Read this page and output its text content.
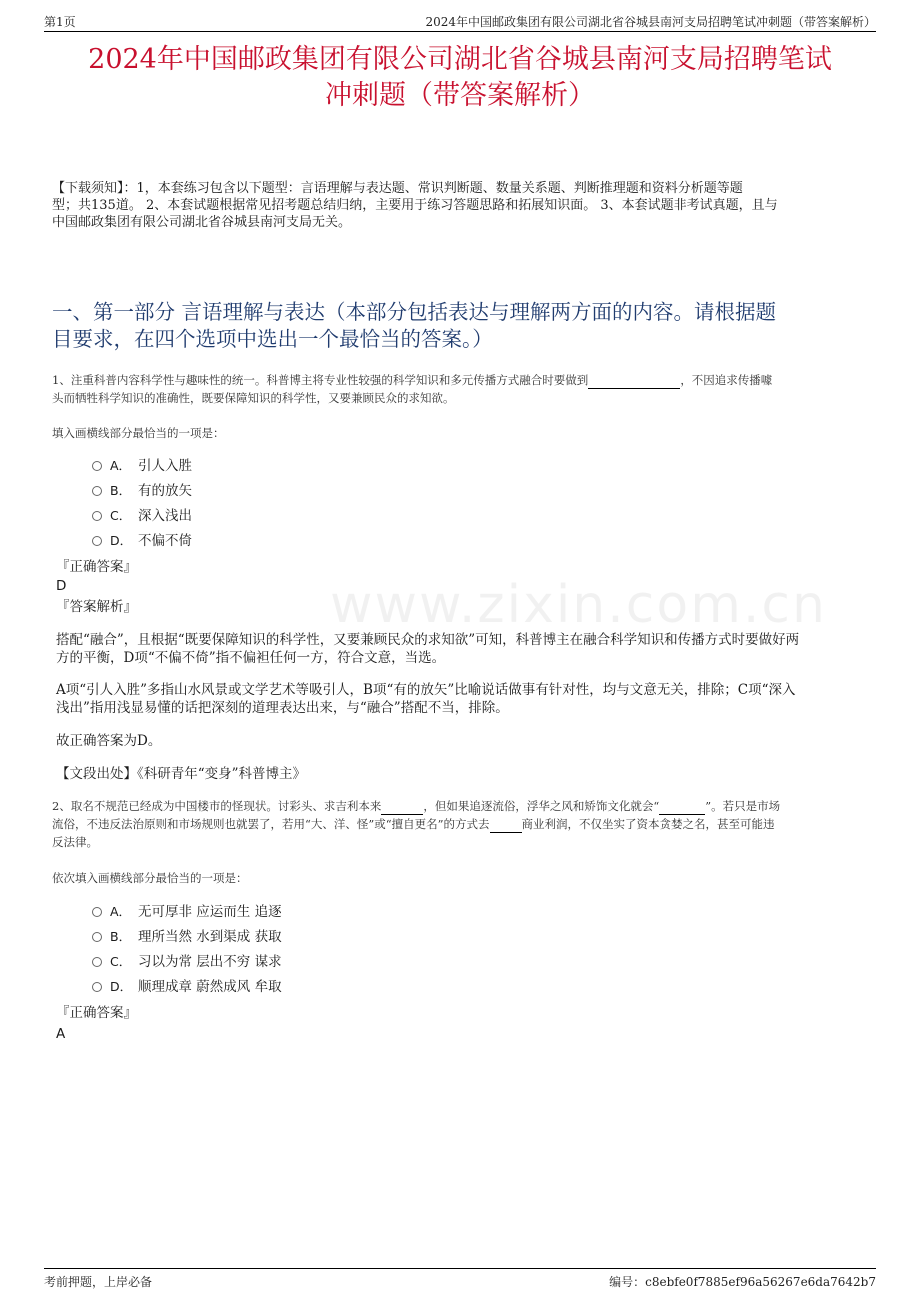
第1页	2024年中国邮政集团有限公司湖北省谷城县南河支局招聘笔试冲刺题（带答案解析）
2024年中国邮政集团有限公司湖北省谷城县南河支局招聘笔试
冲刺题（带答案解析）
【下载须知】：1，本套练习包含以下题型：言语理解与表达题、常识判断题、数量关系题、判断推理题和资料分析题等题
型；共135道。 2、本套试题根据常见招考题总结归纳，主要用于练习答题思路和拓展知识面。 3、本套试题非考试真题，且与
中国邮政集团有限公司湖北省谷城县南河支局无关。
一、第一部分 言语理解与表达（本部分包括表达与理解两方面的内容。请根据题
目要求，在四个选项中选出一个最恰当的答案。）
www.zixin.com.cn
1、注重科普内容科学性与趣味性的统一。科普博主将专业性较强的科学知识和多元传播方式融合时要做到	，不因追求传播噱
头而牺牲科学知识的准确性，既要保障知识的科学性，又要兼顾民众的求知欲。
填入画横线部分最恰当的一项是：
A． 引人入胜
B． 有的放矢
C． 深入浅出
D． 不偏不倚
『正确答案』
D
『答案解析』
搭配“融合”，且根据“既要保障知识的科学性，又要兼顾民众的求知欲”可知，科普博主在融合科学知识和传播方式时要做好两
方的平衡，D项“不偏不倚”指不偏袒任何一方，符合文意，当选。
A项“引人入胜”多指山水风景或文学艺术等吸引人，B项“有的放矢”比喻说话做事有针对性，均与文意无关，排除；C项“深入
浅出”指用浅显易懂的话把深刻的道理表达出来，与“融合”搭配不当，排除。
故正确答案为D。
【文段出处】《科研青年“变身”科普博主》
2、取名不规范已经成为中国楼市的怪现状。讨彩头、求吉利本来	，但如果追逐流俗，浮华之风和矫饰文化就会“	”。若只是市场
流俗，不违反法治原则和市场规则也就罢了，若用“大、洋、怪”或“擅自更名”的方式去	商业利润，不仅坐实了资本贪婪之名，甚至可能违
反法律。
依次填入画横线部分最恰当的一项是：
A． 无可厚非 应运而生 追逐
B． 理所当然 水到渠成 获取
C． 习以为常 层出不穷 谋求
D． 顺理成章 蔚然成风 牟取
『正确答案』
A
考前押题，上岸必备	编号：c8ebfe0f7885ef96a56267e6da7642b7
